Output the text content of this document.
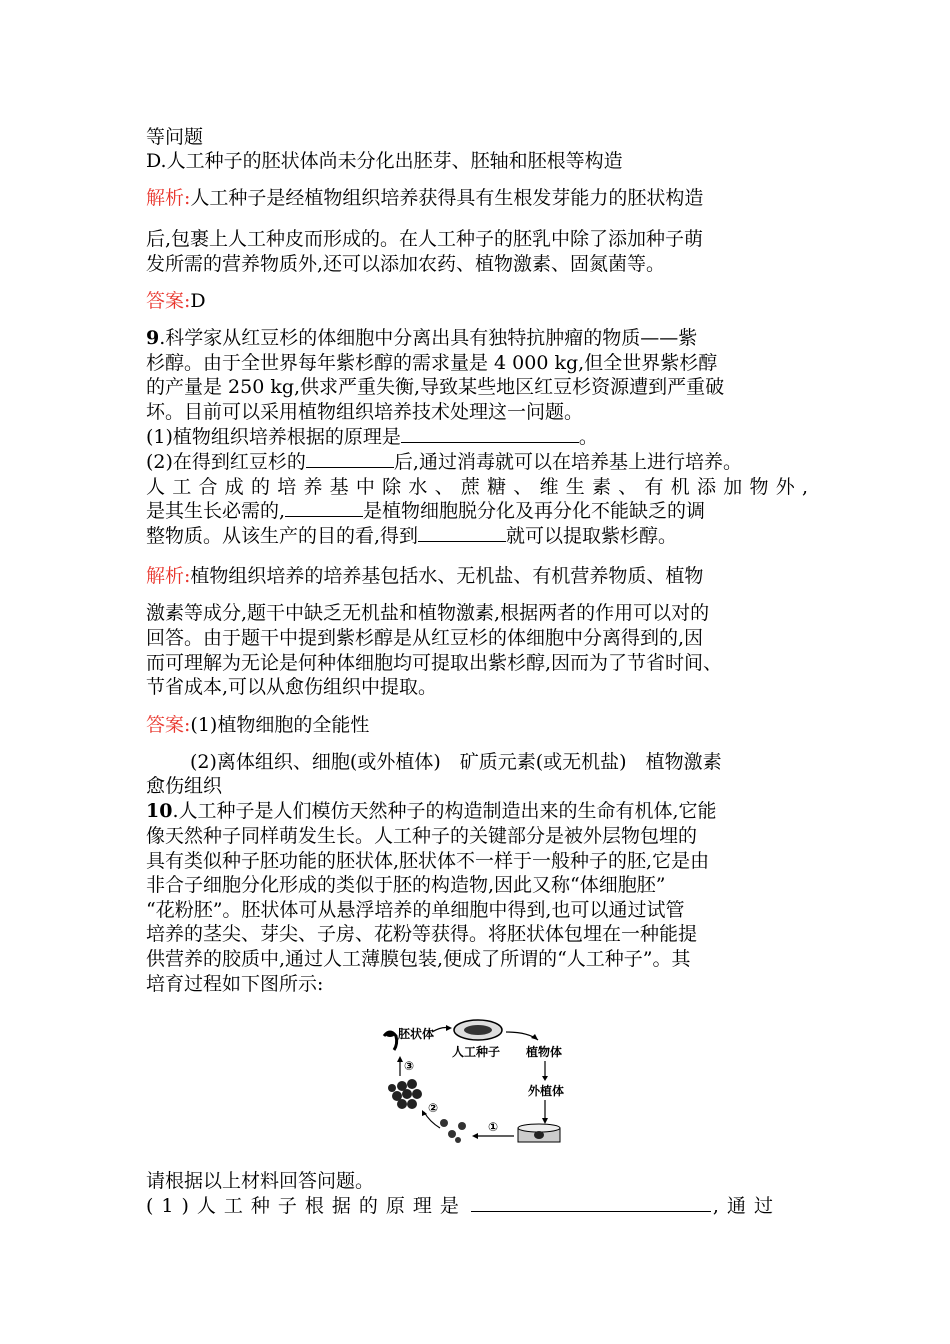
等问题
D.人工种子的胚状体尚未分化出胚芽、胚轴和胚根等构造
解析:人工种子是经植物组织培养获得具有生根发芽能力的胚状构造
后,包裹上人工种皮而形成的。在人工种子的胚乳中除了添加种子萌
发所需的营养物质外,还可以添加农药、植物激素、固氮菌等。
答案:D
9.科学家从红豆杉的体细胞中分离出具有独特抗肿瘤的物质——紫
杉醇。由于全世界每年紫杉醇的需求量是 4 000 kg,但全世界紫杉醇
的产量是 250 kg,供求严重失衡,导致某些地区红豆杉资源遭到严重破
坏。目前可以采用植物组织培养技术处理这一问题。
(1)植物组织培养根据的原理是	。
(2)在得到红豆杉的	后,通过消毒就可以在培养基上进行培养。
人工合成的培养基中除水、蔗糖、维生素、有机添加物外,
是其生长必需的,	是植物细胞脱分化及再分化不能缺乏的调
整物质。从该生产的目的看,得到	就可以提取紫杉醇。
解析:植物组织培养的培养基包括水、无机盐、有机营养物质、植物
激素等成分,题干中缺乏无机盐和植物激素,根据两者的作用可以对的
回答。由于题干中提到紫杉醇是从红豆杉的体细胞中分离得到的,因
而可理解为无论是何种体细胞均可提取出紫杉醇,因而为了节省时间、
节省成本,可以从愈伤组织中提取。
答案:(1)植物细胞的全能性
(2)离体组织、细胞(或外植体)　矿质元素(或无机盐)　植物激素
愈伤组织
10.人工种子是人们模仿天然种子的构造制造出来的生命有机体,它能
像天然种子同样萌发生长。人工种子的关键部分是被外层物包埋的
具有类似种子胚功能的胚状体,胚状体不一样于一般种子的胚,它是由
非合子细胞分化形成的类似于胚的构造物,因此又称“体细胞胚”
“花粉胚”。胚状体可从悬浮培养的单细胞中得到,也可以通过试管
培养的茎尖、芽尖、子房、花粉等获得。将胚状体包埋在一种能提
供营养的胶质中,通过人工薄膜包装,便成了所谓的“人工种子”。其
培育过程如下图所示:
人工种子 植物体
外植体
①
②
③
胚状体
请根据以上材料回答问题。
(1)人工种子根据的原理是	,通过
